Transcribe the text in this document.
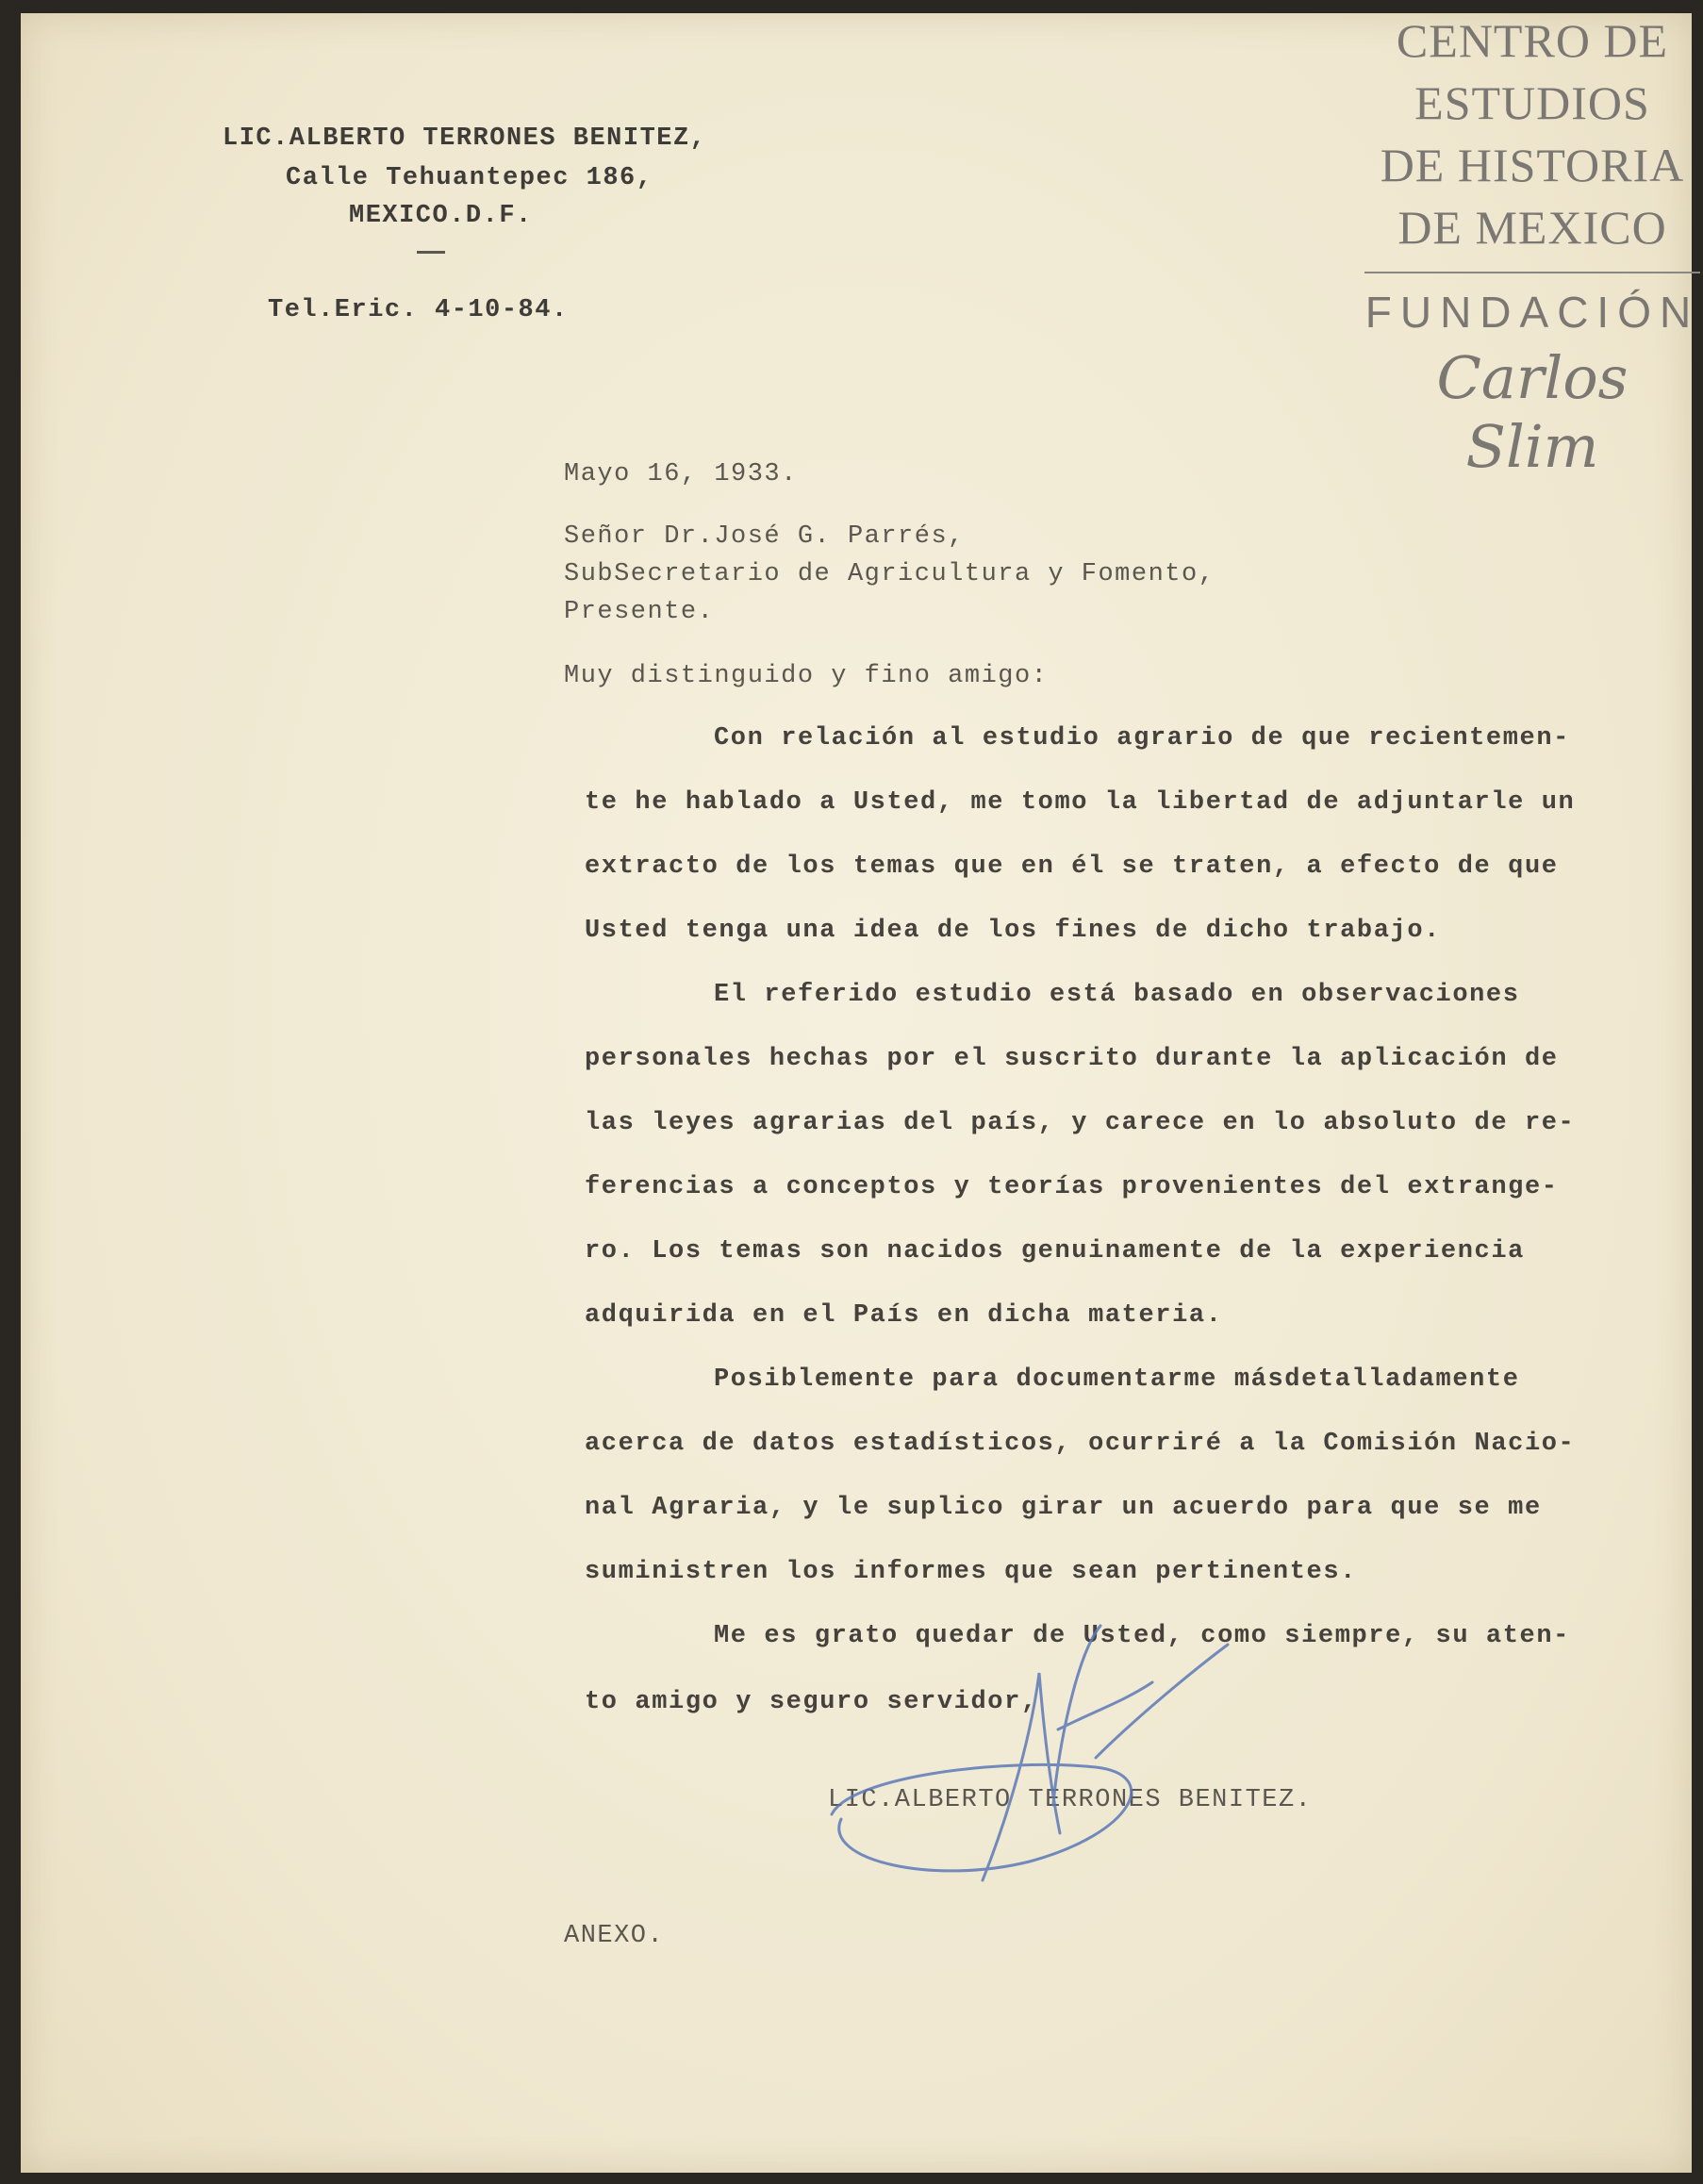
LIC.ALBERTO TERRONES BENITEZ,
Calle Tehuantepec 186,
MEXICO.D.F.
Tel.Eric. 4-10-84.
Mayo 16, 1933.
Señor Dr.José G. Parrés,
SubSecretario de Agricultura y Fomento,
Presente.
Muy distinguido y fino amigo:
Con relación al estudio agrario de que recientemen-
te he hablado a Usted, me tomo la libertad de adjuntarle un
extracto de los temas que en él se traten, a efecto de que
Usted tenga una idea de los fines de dicho trabajo.
El referido estudio está basado en observaciones
personales hechas por el suscrito durante la aplicación de
las leyes agrarias del país, y carece en lo absoluto de re-
ferencias a conceptos y teorías provenientes del extrange-
ro. Los temas son nacidos genuinamente de la experiencia
adquirida en el País en dicha materia.
Posiblemente para documentarme másdetalladamente
acerca de datos estadísticos, ocurriré a la Comisión Nacio-
nal Agraria, y le suplico girar un acuerdo para que se me
suministren los informes que sean pertinentes.
Me es grato quedar de Usted, como siempre, su aten-
to amigo y seguro servidor,
LIC.ALBERTO TERRONES BENITEZ.
ANEXO.
CENTRO DE
ESTUDIOS
DE HISTORIA
DE MEXICO
FUNDACIÓN
Carlos Slim
